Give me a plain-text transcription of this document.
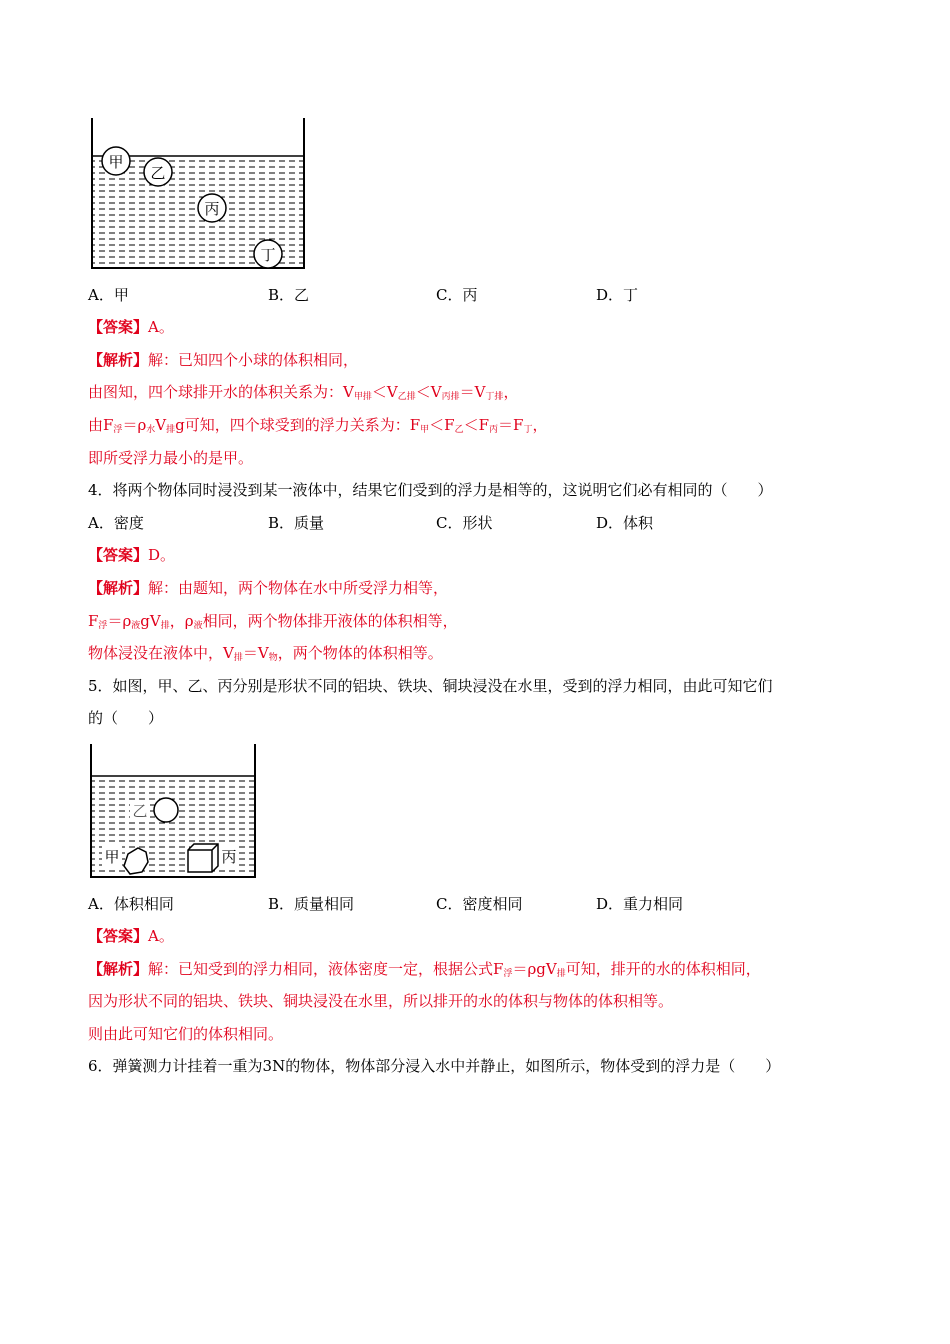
甲
乙
丙
丁
A．甲	B．乙	C．丙	D．丁
【答案】A。
【解析】解：已知四个小球的体积相同，
由图知，四个球排开水的体积关系为：$V_{甲排}<V_{乙排}<V_{丙排}=V_{丁排}$，
由$F_浮=\rho_水V_排g$可知，四个球受到的浮力关系为：$F_甲<F_乙<F_丙=F_丁$，
即所受浮力最小的是甲。
4．将两个物体同时浸没到某一液体中，结果它们受到的浮力是相等的，这说明它们必有相同的（　　）
A．密度	B．质量	C．形状	D．体积
【答案】D。
【解析】解：由题知，两个物体在水中所受浮力相等，
$F_浮=\rho_液gV_排$，$\rho_液$相同，两个物体排开液体的体积相等，
物体浸没在液体中，$V_排=V_物$，两个物体的体积相等。
5．如图，甲、乙、丙分别是形状不同的铝块、铁块、铜块浸没在水里，受到的浮力相同，由此可知它们
的（　　）
乙
甲	丙
A．体积相同	B．质量相同	C．密度相同	D．重力相同
【答案】A。
【解析】解：已知受到的浮力相同，液体密度一定，根据公式$F_浮=\rho gV_排$可知，排开的水的体积相同，
因为形状不同的铝块、铁块、铜块浸没在水里，所以排开的水的体积与物体的体积相等。
则由此可知它们的体积相同。
6．弹簧测力计挂着一重为3N的物体，物体部分浸入水中并静止，如图所示，物体受到的浮力是（　　）
